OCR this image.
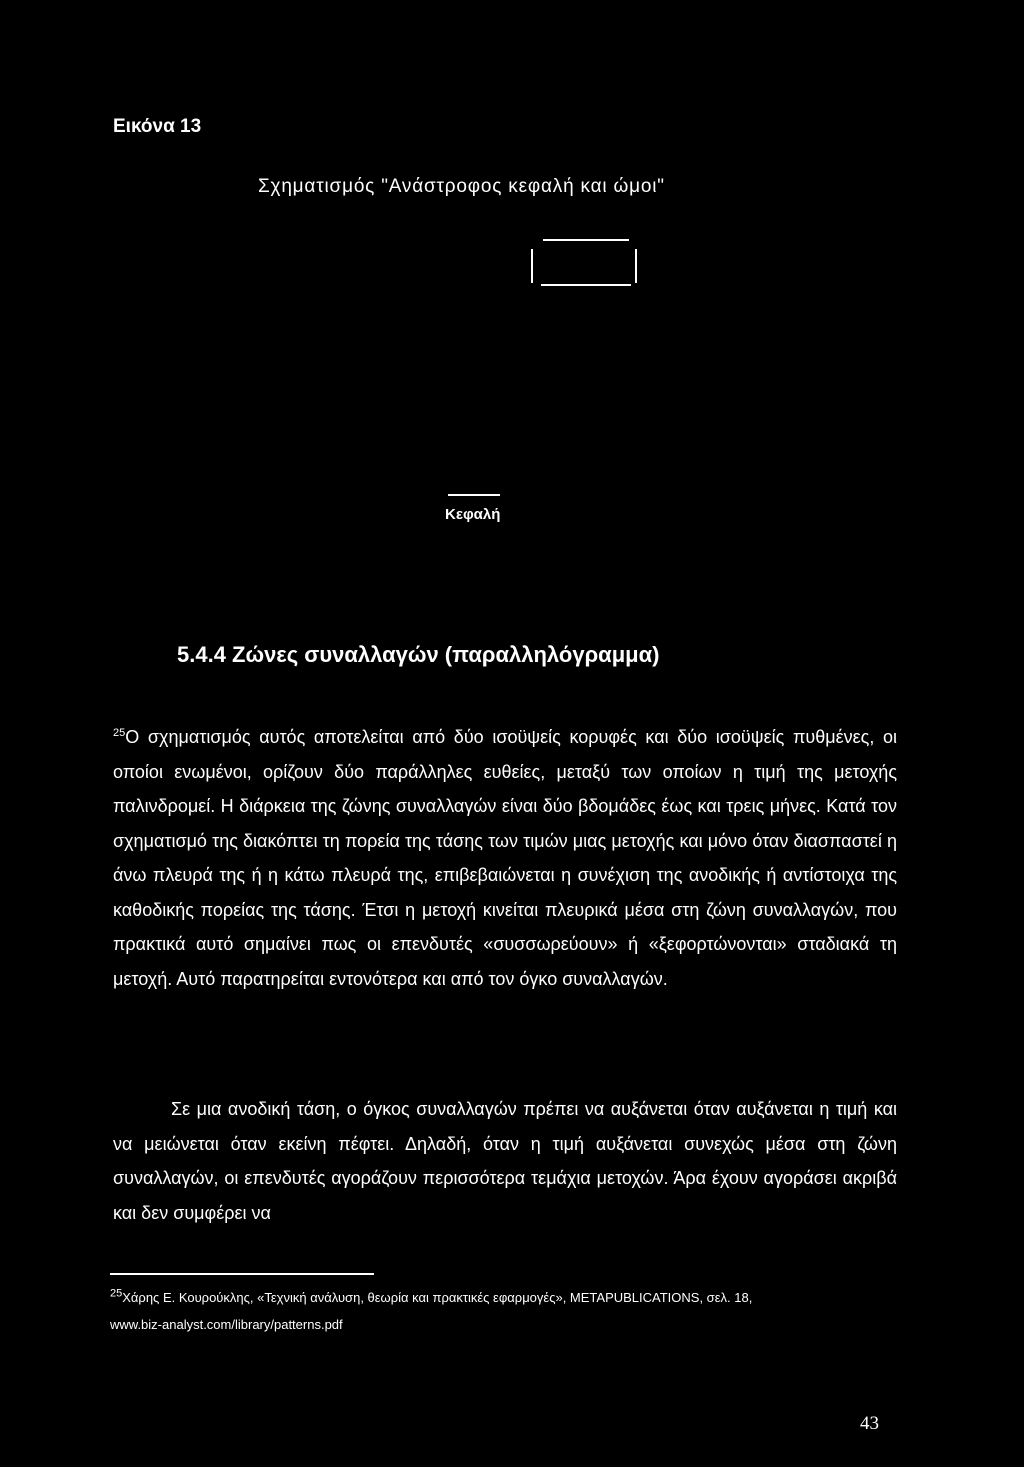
Εικόνα 13
Σχηματισμός "Ανάστροφος κεφαλή και ώμοι"
Κεφαλή
5.4.4 Ζώνες συναλλαγών (παραλληλόγραμμα)
$^{25}$Ο σχηματισμός αυτός αποτελείται από δύο ισοϋψείς κορυφές και δύο ισοϋψείς πυθμένες, οι οποίοι ενωμένοι, ορίζουν δύο παράλληλες ευθείες, μεταξύ των οποίων η τιμή της μετοχής παλινδρομεί. Η διάρκεια της ζώνης συναλλαγών είναι δύο βδομάδες έως και τρεις μήνες. Κατά τον σχηματισμό της διακόπτει τη πορεία της τάσης των τιμών μιας μετοχής και μόνο όταν διασπαστεί η άνω πλευρά της ή η κάτω πλευρά της, επιβεβαιώνεται η συνέχιση της ανοδικής ή αντίστοιχα της καθοδικής πορείας της τάσης. Έτσι η μετοχή κινείται πλευρικά μέσα στη ζώνη συναλλαγών, που πρακτικά αυτό σημαίνει πως οι επενδυτές «συσσωρεύουν» ή «ξεφορτώνονται» σταδιακά τη μετοχή. Αυτό παρατηρείται εντονότερα και από τον όγκο συναλλαγών.
Σε μια ανοδική τάση, ο όγκος συναλλαγών πρέπει να αυξάνεται όταν αυξάνεται η τιμή και να μειώνεται όταν εκείνη πέφτει. Δηλαδή, όταν η τιμή αυξάνεται συνεχώς μέσα στη ζώνη συναλλαγών, οι επενδυτές αγοράζουν περισσότερα τεμάχια μετοχών. Άρα έχουν αγοράσει ακριβά και δεν συμφέρει να
$^{25}$Χάρης Ε. Κουρούκλης, «Τεχνική ανάλυση, θεωρία και πρακτικές εφαρμογές», METAPUBLICATIONS, σελ. 18,
www.biz-analyst.com/library/patterns.pdf
43
